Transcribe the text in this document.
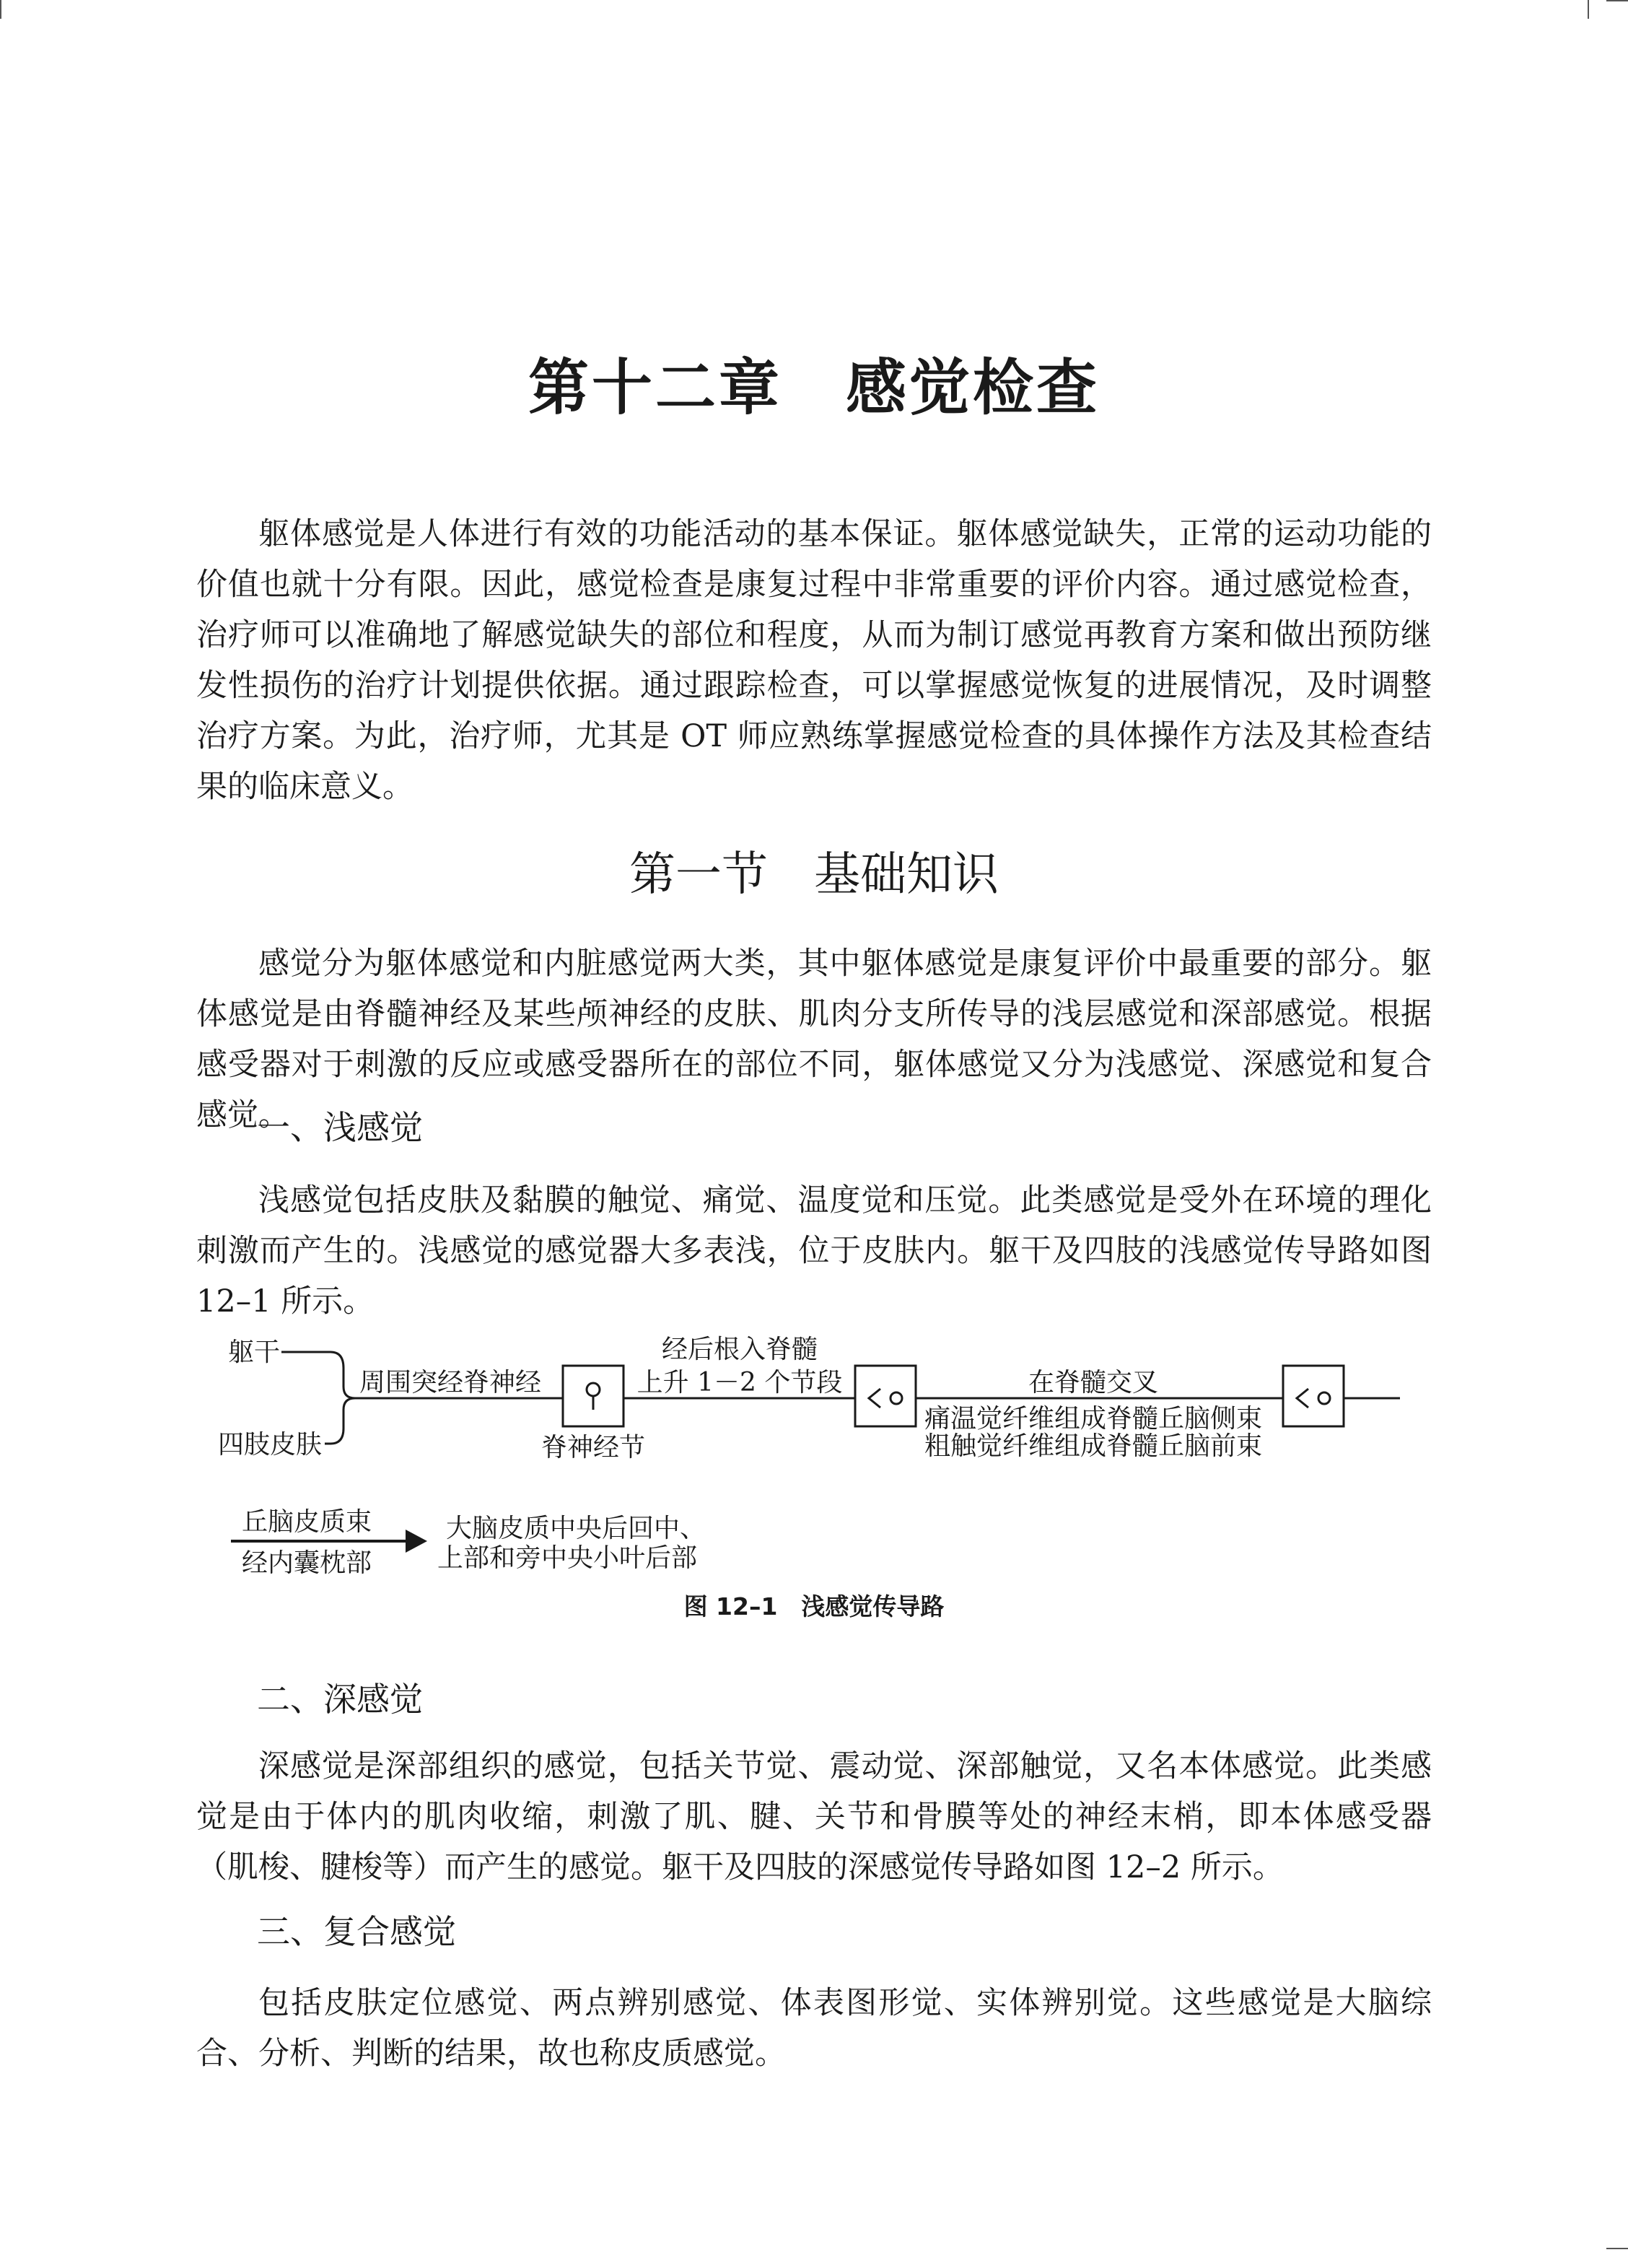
第十二章　感觉检查

躯体感觉是人体进行有效的功能活动的基本保证。躯体感觉缺失，正常的运动功能的价值也就十分有限。因此，感觉检查是康复过程中非常重要的评价内容。通过感觉检查，治疗师可以准确地了解感觉缺失的部位和程度，从而为制订感觉再教育方案和做出预防继发性损伤的治疗计划提供依据。通过跟踪检查，可以掌握感觉恢复的进展情况，及时调整治疗方案。为此，治疗师，尤其是 OT 师应熟练掌握感觉检查的具体操作方法及其检查结果的临床意义。

第一节　基础知识

感觉分为躯体感觉和内脏感觉两大类，其中躯体感觉是康复评价中最重要的部分。躯体感觉是由脊髓神经及某些颅神经的皮肤、肌肉分支所传导的浅层感觉和深部感觉。根据感受器对于刺激的反应或感受器所在的部位不同，躯体感觉又分为浅感觉、深感觉和复合感觉。

一、浅感觉

浅感觉包括皮肤及黏膜的触觉、痛觉、温度觉和压觉。此类感觉是受外在环境的理化刺激而产生的。浅感觉的感觉器大多表浅，位于皮肤内。躯干及四肢的浅感觉传导路如图 12–1 所示。

躯干
四肢皮肤
周围突经脊神经
脊神经节
经后根入脊髓
上升 1－2 个节段	在脊髓交叉
痛温觉纤维组成脊髓丘脑侧束
粗触觉纤维组成脊髓丘脑前束
丘脑皮质束
经内囊枕部
大脑皮质中央后回中、
上部和旁中央小叶后部
图 12–1　浅感觉传导路
二、深感觉

深感觉是深部组织的感觉，包括关节觉、震动觉、深部触觉，又名本体感觉。此类感觉是由于体内的肌肉收缩，刺激了肌、腱、关节和骨膜等处的神经末梢，即本体感受器（肌梭、腱梭等）而产生的感觉。躯干及四肢的深感觉传导路如图 12–2 所示。

三、复合感觉

包括皮肤定位感觉、两点辨别感觉、体表图形觉、实体辨别觉。这些感觉是大脑综合、分析、判断的结果，故也称皮质感觉。
